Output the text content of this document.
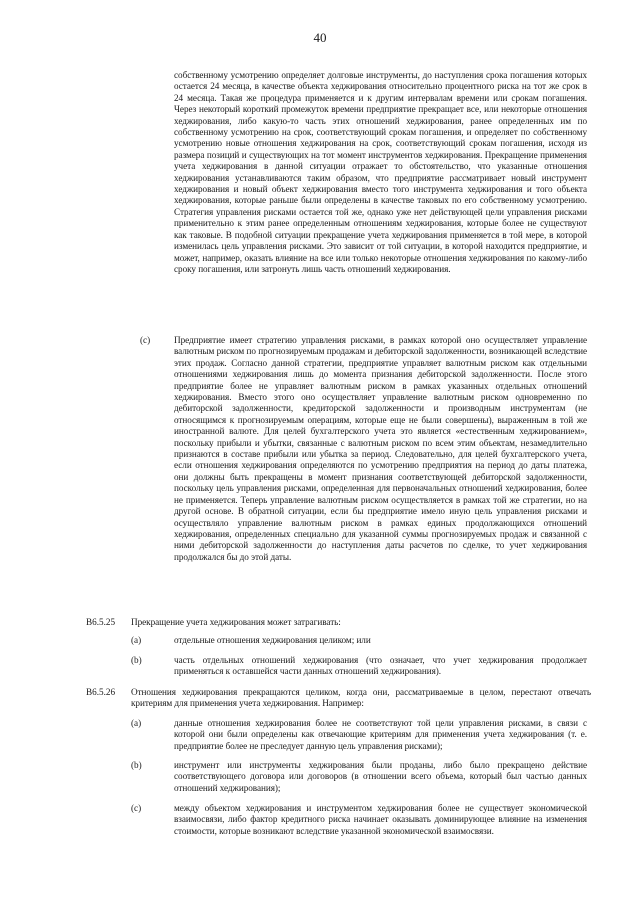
40

собственному усмотрению определяет долговые инструменты, до наступления срока погашения которых остается 24 месяца, в качестве объекта хеджирования относительно процентного риска на тот же срок в 24 месяца. Такая же процедура применяется и к другим интервалам времени или срокам погашения. Через некоторый короткий промежуток времени предприятие прекращает все, или некоторые отношения хеджирования, либо какую-то часть этих отношений хеджирования, ранее определенных им по собственному усмотрению на срок, соответствующий срокам погашения, и определяет по собственному усмотрению новые отношения хеджирования на срок, соответствующий срокам погашения, исходя из размера позиций и существующих на тот момент инструментов хеджирования. Прекращение применения учета хеджирования в данной ситуации отражает то обстоятельство, что указанные отношения хеджирования устанавливаются таким образом, что предприятие рассматривает новый инструмент хеджирования и новый объект хеджирования вместо того инструмента хеджирования и того объекта хеджирования, которые раньше были определены в качестве таковых по его собственному усмотрению. Стратегия управления рисками остается той же, однако уже нет действующей цели управления рисками применительно к этим ранее определенным отношениям хеджирования, которые более не существуют как таковые. В подобной ситуации прекращение учета хеджирования применяется в той мере, в которой изменилась цель управления рисками. Это зависит от той ситуации, в которой находится предприятие, и может, например, оказать влияние на все или только некоторые отношения хеджирования по какому-либо сроку погашения, или затронуть лишь часть отношений хеджирования.

(c)	Предприятие имеет стратегию управления рисками, в рамках которой оно осуществляет управление валютным риском по прогнозируемым продажам и дебиторской задолженности, возникающей вследствие этих продаж. Согласно данной стратегии, предприятие управляет валютным риском как отдельными отношениями хеджирования лишь до момента признания дебиторской задолженности. После этого предприятие более не управляет валютным риском в рамках указанных отдельных отношений хеджирования. Вместо этого оно осуществляет управление валютным риском одновременно по дебиторской задолженности, кредиторской задолженности и производным инструментам (не относящимся к прогнозируемым операциям, которые еще не были совершены), выраженным в той же иностранной валюте. Для целей бухгалтерского учета это является «естественным хеджированием», поскольку прибыли и убытки, связанные с валютным риском по всем этим объектам, незамедлительно признаются в составе прибыли или убытка за период. Следовательно, для целей бухгалтерского учета, если отношения хеджирования определяются по усмотрению предприятия на период до даты платежа, они должны быть прекращены в момент признания соответствующей дебиторской задолженности, поскольку цель управления рисками, определенная для первоначальных отношений хеджирования, более не применяется. Теперь управление валютным риском осуществляется в рамках той же стратегии, но на другой основе. В обратной ситуации, если бы предприятие имело иную цель управления рисками и осуществляло управление валютным риском в рамках единых продолжающихся отношений хеджирования, определенных специально для указанной суммы прогнозируемых продаж и связанной с ними дебиторской задолженности до наступления даты расчетов по сделке, то учет хеджирования продолжался бы до этой даты.

B6.5.25 Прекращение учета хеджирования может затрагивать:

(a)	отдельные отношения хеджирования целиком; или

(b)	часть отдельных отношений хеджирования (что означает, что учет хеджирования продолжает применяться к оставшейся части данных отношений хеджирования).

B6.5.26 Отношения хеджирования прекращаются целиком, когда они, рассматриваемые в целом, перестают отвечать критериям для применения учета хеджирования. Например:

(a)	данные отношения хеджирования более не соответствуют той цели управления рисками, в связи с которой они были определены как отвечающие критериям для применения учета хеджирования (т. е. предприятие более не преследует данную цель управления рисками);

(b)	инструмент или инструменты хеджирования были проданы, либо было прекращено действие соответствующего договора или договоров (в отношении всего объема, который был частью данных отношений хеджирования);

(c)	между объектом хеджирования и инструментом хеджирования более не существует экономической взаимосвязи, либо фактор кредитного риска начинает оказывать доминирующее влияние на изменения стоимости, которые возникают вследствие указанной экономической взаимосвязи.
